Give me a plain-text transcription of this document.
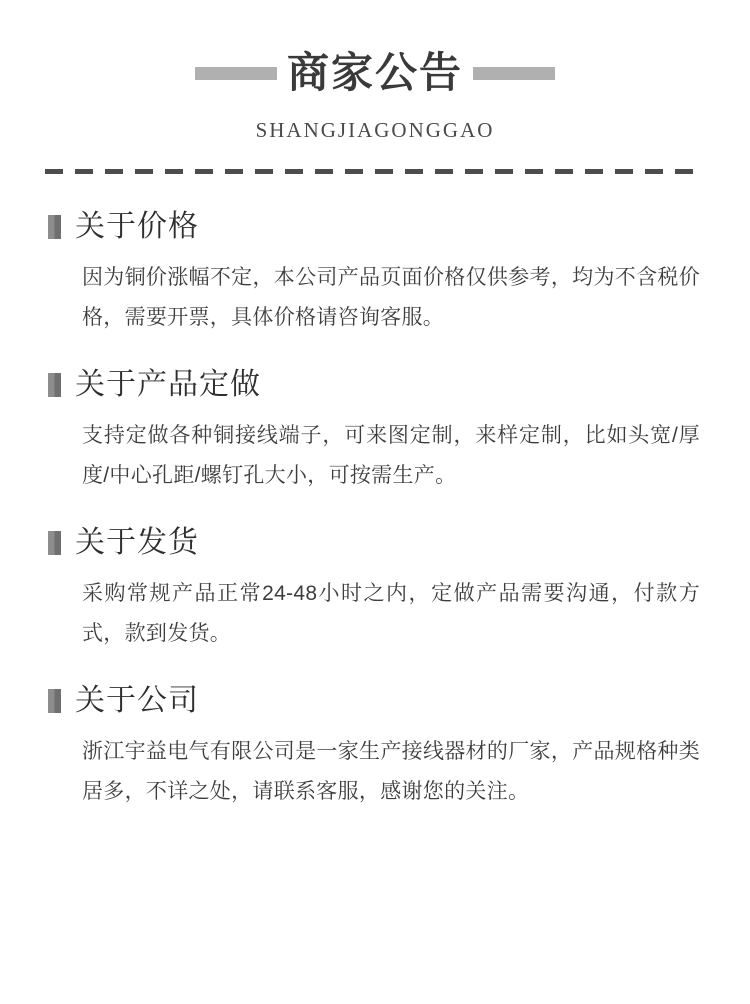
商家公告
SHANGJIAGONGGAO
关于价格
因为铜价涨幅不定，本公司产品页面价格仅供参考，均为不含税价格，需要开票，具体价格请咨询客服。
关于产品定做
支持定做各种铜接线端子，可来图定制，来样定制，比如头宽/厚度/中心孔距/螺钉孔大小，可按需生产。
关于发货
采购常规产品正常24-48小时之内，定做产品需要沟通，付款方式，款到发货。
关于公司
浙江宇益电气有限公司是一家生产接线器材的厂家，产品规格种类居多，不详之处，请联系客服，感谢您的关注。
